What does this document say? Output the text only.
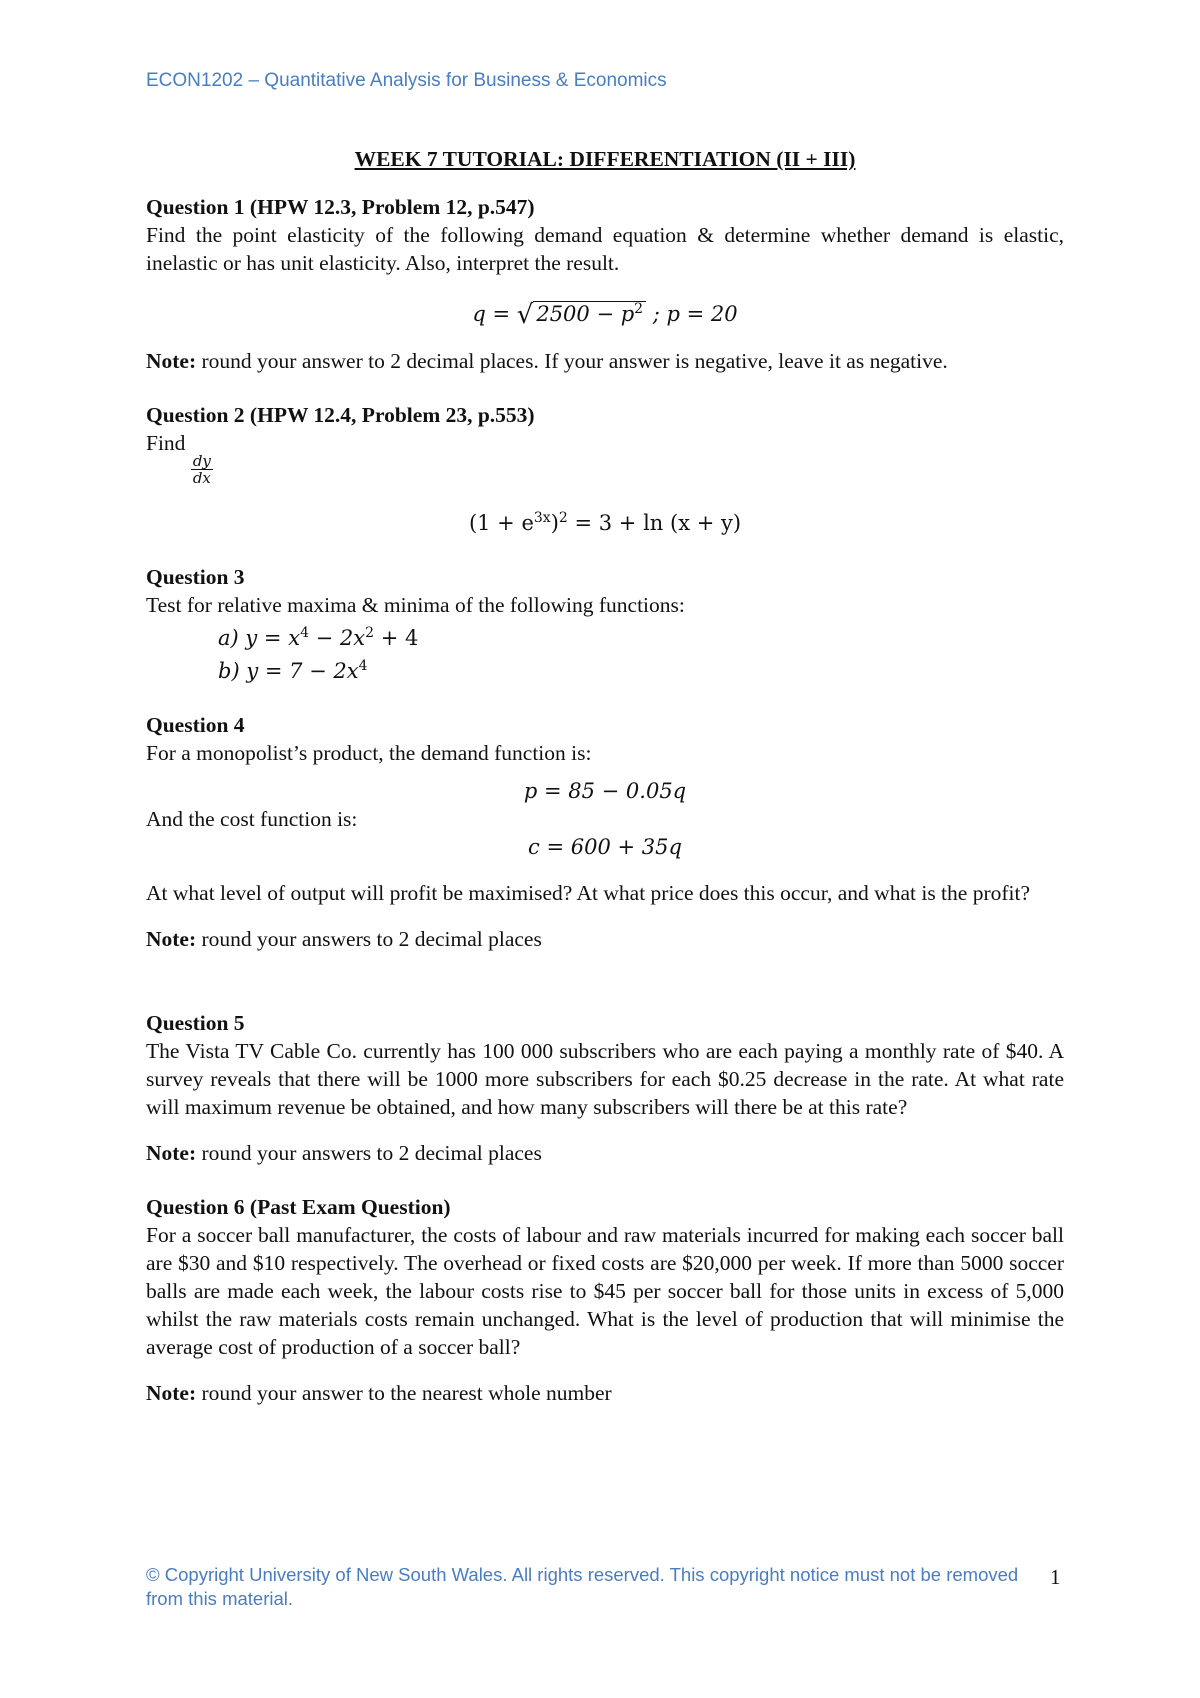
ECON1202 – Quantitative Analysis for Business & Economics

WEEK 7 TUTORIAL: DIFFERENTIATION (II + III)

Question 1 (HPW 12.3, Problem 12, p.547)

Find the point elasticity of the following demand equation & determine whether demand is elastic, inelastic or has unit elasticity. Also, interpret the result.

q = √ $2500 - p^2$ ; p = 20

Note: round your answer to 2 decimal places. If your answer is negative, leave it as negative.

Question 2 (HPW 12.4, Problem 23, p.553)

Find
$\frac{dy}{dx}$

$(1 + e^{3x})^2 = 3 + \ln (x + y)$

Question 3

Test for relative maxima & minima of the following functions:

a) $y = x^4 - 2x^2 + 4$

b) $y = 7 - 2x^4$

Question 4

For a monopolist’s product, the demand function is:

p = 85 − 0.05q

And the cost function is:

c = 600 + 35q

At what level of output will profit be maximised? At what price does this occur, and what is the profit?

Note: round your answers to 2 decimal places

Question 5

The Vista TV Cable Co. currently has 100 000 subscribers who are each paying a monthly rate of $40. A survey reveals that there will be 1000 more subscribers for each $0.25 decrease in the rate. At what rate will maximum revenue be obtained, and how many subscribers will there be at this rate?

Note: round your answers to 2 decimal places

Question 6 (Past Exam Question)

For a soccer ball manufacturer, the costs of labour and raw materials incurred for making each soccer ball are $30 and $10 respectively. The overhead or fixed costs are $20,000 per week. If more than 5000 soccer balls are made each week, the labour costs rise to $45 per soccer ball for those units in excess of 5,000 whilst the raw materials costs remain unchanged. What is the level of production that will minimise the average cost of production of a soccer ball?

Note: round your answer to the nearest whole number

© Copyright University of New South Wales. All rights reserved. This copyright notice must not be removed from this material.
1
